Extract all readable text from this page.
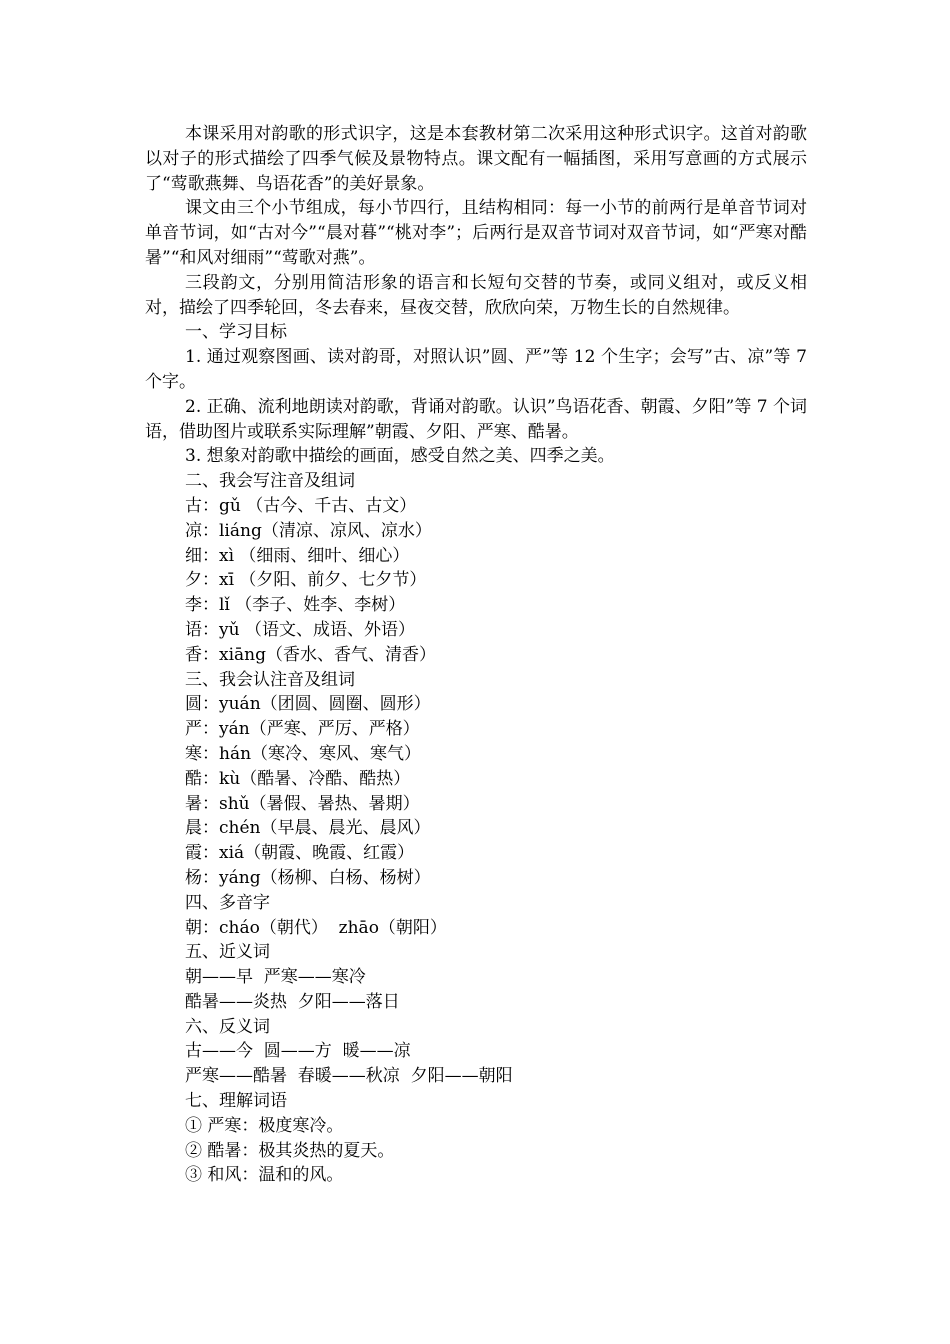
本课采用对韵歌的形式识字，这是本套教材第二次采用这种形式识字。这首对韵歌以对子的形式描绘了四季气候及景物特点。课文配有一幅插图，采用写意画的方式展示了“莺歌燕舞、鸟语花香”的美好景象。

课文由三个小节组成，每小节四行，且结构相同：每一小节的前两行是单音节词对单音节词，如“古对今”“晨对暮”“桃对李”；后两行是双音节词对双音节词，如“严寒对酷暑”“和风对细雨”“莺歌对燕”。

三段韵文，分别用简洁形象的语言和长短句交替的节奏，或同义组对，或反义相对，描绘了四季轮回，冬去春来，昼夜交替，欣欣向荣，万物生长的自然规律。

一、学习目标

1. 通过观察图画、读对韵哥，对照认识”圆、严”等 12 个生字；会写”古、凉”等 7 个字。

2. 正确、流利地朗读对韵歌，背诵对韵歌。认识”鸟语花香、朝霞、夕阳”等 7 个词语，借助图片或联系实际理解”朝霞、夕阳、严寒、酷暑。

3. 想象对韵歌中描绘的画面，感受自然之美、四季之美。

二、我会写注音及组词

古：gǔ （古今、千古、古文）

凉：liáng（清凉、凉风、凉水）

细：xì （细雨、细叶、细心）

夕：xī （夕阳、前夕、七夕节）

李：lǐ （李子、姓李、李树）

语：yǔ （语文、成语、外语）

香：xiāng（香水、香气、清香）

三、我会认注音及组词

圆：yuán（团圆、圆圈、圆形）

严：yán（严寒、严厉、严格）

寒：hán（寒冷、寒风、寒气）

酷：kù（酷暑、冷酷、酷热）

暑：shǔ（暑假、暑热、暑期）

晨：chén（早晨、晨光、晨风）

霞：xiá（朝霞、晚霞、红霞）

杨：yáng（杨柳、白杨、杨树）

四、多音字

朝：cháo（朝代）  zhāo（朝阳）

五、近义词

朝——早  严寒——寒冷

酷暑——炎热  夕阳——落日

六、反义词

古——今  圆——方  暖——凉

严寒——酷暑  春暖——秋凉  夕阳——朝阳

七、理解词语

① 严寒：极度寒冷。

② 酷暑：极其炎热的夏天。

③ 和风：温和的风。
